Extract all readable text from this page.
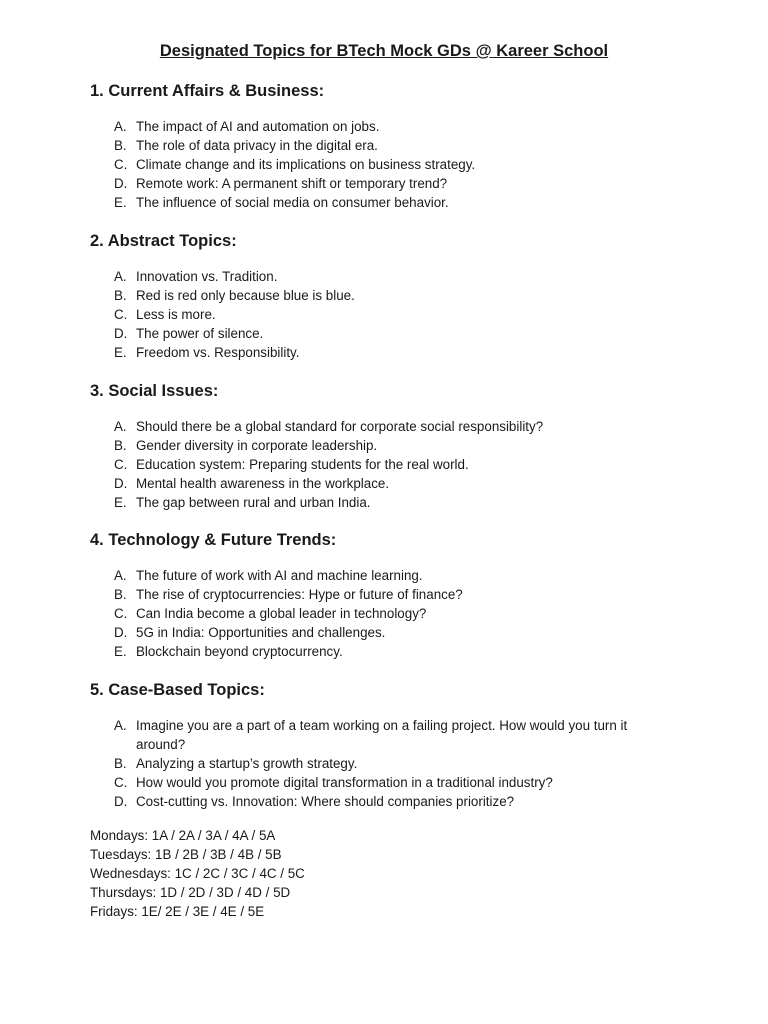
Designated Topics for BTech Mock GDs @ Kareer School
1. Current Affairs & Business:
A. The impact of AI and automation on jobs.
B. The role of data privacy in the digital era.
C. Climate change and its implications on business strategy.
D. Remote work: A permanent shift or temporary trend?
E. The influence of social media on consumer behavior.
2. Abstract Topics:
A. Innovation vs. Tradition.
B. Red is red only because blue is blue.
C. Less is more.
D. The power of silence.
E. Freedom vs. Responsibility.
3. Social Issues:
A. Should there be a global standard for corporate social responsibility?
B. Gender diversity in corporate leadership.
C. Education system: Preparing students for the real world.
D. Mental health awareness in the workplace.
E. The gap between rural and urban India.
4. Technology & Future Trends:
A. The future of work with AI and machine learning.
B. The rise of cryptocurrencies: Hype or future of finance?
C. Can India become a global leader in technology?
D. 5G in India: Opportunities and challenges.
E. Blockchain beyond cryptocurrency.
5. Case-Based Topics:
A. Imagine you are a part of a team working on a failing project. How would you turn it around?
B. Analyzing a startup’s growth strategy.
C. How would you promote digital transformation in a traditional industry?
D. Cost-cutting vs. Innovation: Where should companies prioritize?
Mondays: 1A / 2A / 3A / 4A / 5A
Tuesdays: 1B / 2B / 3B / 4B / 5B
Wednesdays: 1C / 2C / 3C / 4C / 5C
Thursdays: 1D / 2D / 3D / 4D / 5D
Fridays: 1E/ 2E / 3E / 4E / 5E
